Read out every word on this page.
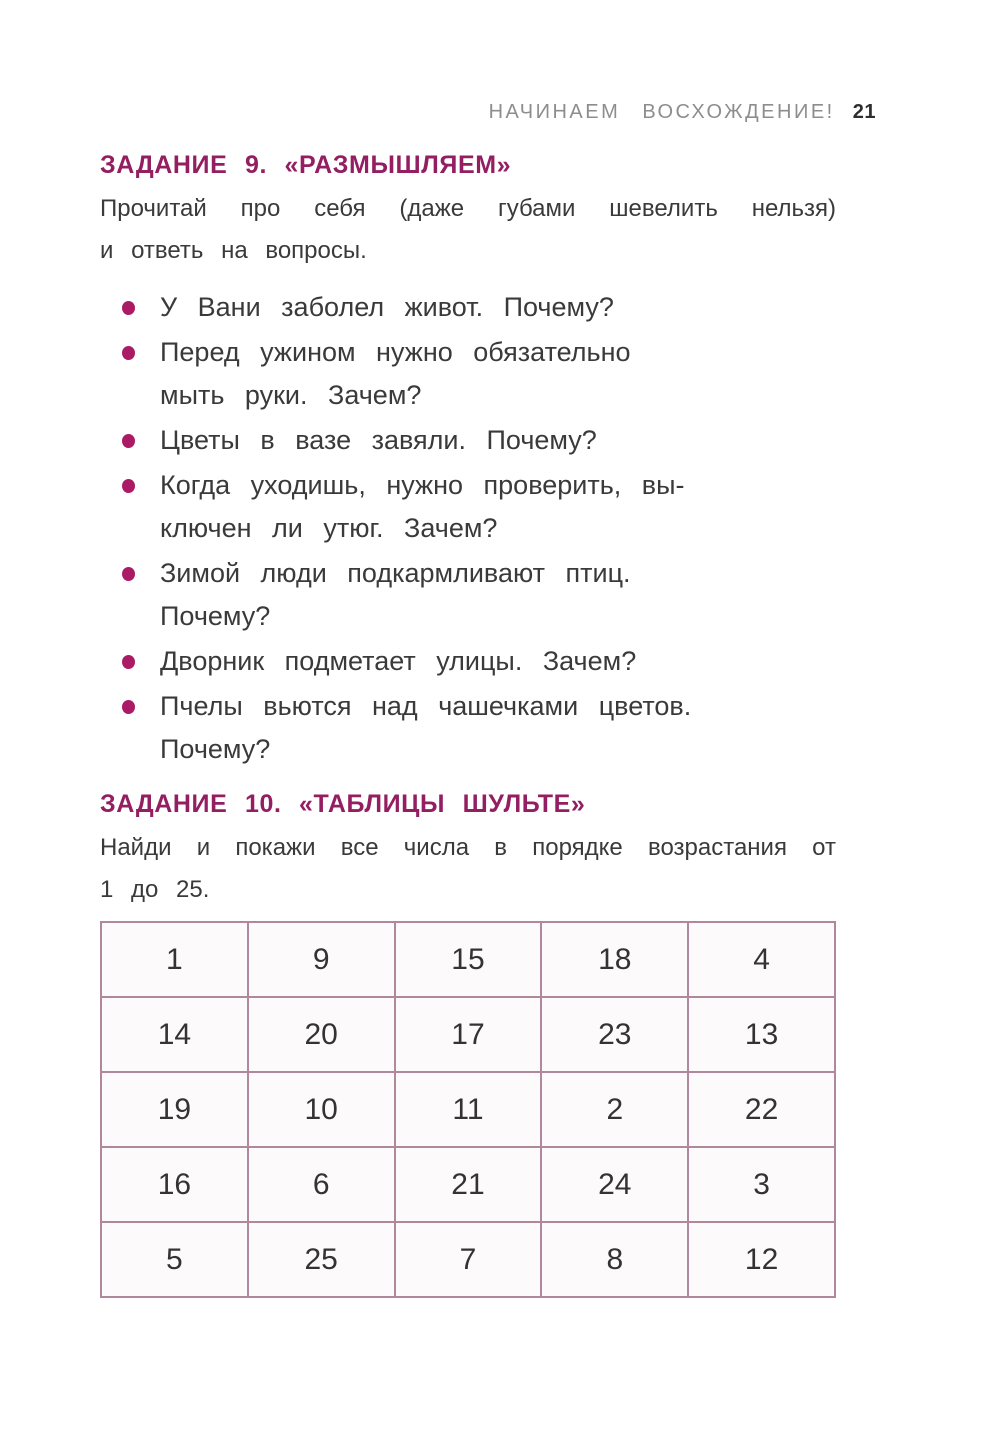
НАЧИНАЕМ ВОСХОЖДЕНИЕ! 21
ЗАДАНИЕ 9. «РАЗМЫШЛЯЕМ»
Прочитай про себя (даже губами шевелить нельзя)
и ответь на вопросы.
У Вани заболел живот. Почему?
Перед ужином нужно обязательно
мыть руки. Зачем?
Цветы в вазе завяли. Почему?
Когда уходишь, нужно проверить, вы-
ключен ли утюг. Зачем?
Зимой люди подкармливают птиц.
Почему?
Дворник подметает улицы. Зачем?
Пчелы вьются над чашечками цветов.
Почему?
ЗАДАНИЕ 10. «ТАБЛИЦЫ ШУЛЬТЕ»
Найди и покажи все числа в порядке возрастания от
1 до 25.
1	9	15	18	4
14	20	17	23	13
19	10	11	2	22
16	6	21	24	3
5	25	7	8	12
